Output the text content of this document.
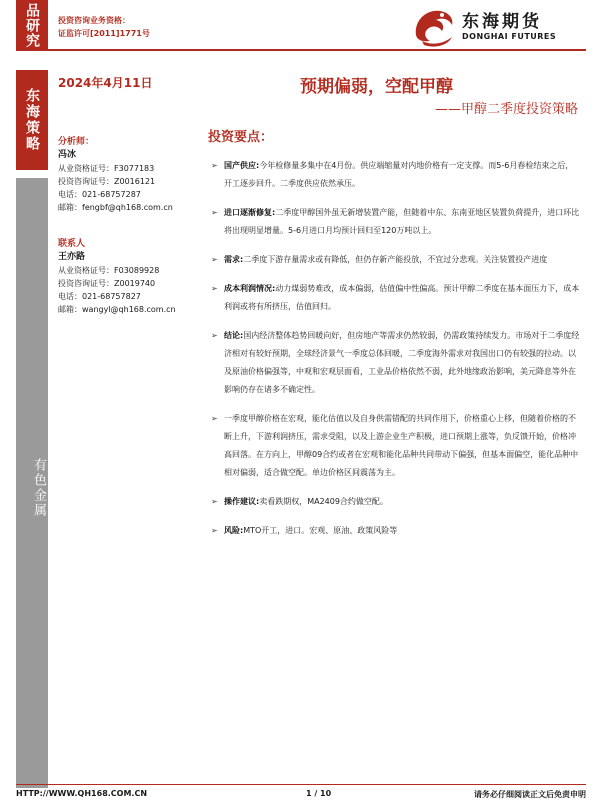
品研究 投资咨询业务资格：
证监许可[2011]1771号
东海期货
DONGHAI FUTURES
东海策略
有色金属
2024年4月11日	预期偏弱，空配甲醇
——甲醇二季度投资策略
分析师：
冯冰
从业资格证号：F3077183
投资咨询证号：Z0016121
电话：021-68757287
邮箱：fengbf@qh168.com.cn
联系人
王亦路
从业资格证号：F03089928
投资咨询证号：Z0019740
电话：021-68757827
邮箱：wangyl@qh168.com.cn
投资要点：
➢ 国产供应:今年检修量多集中在4月份。供应端缩量对内地价格有一定支撑。而5-6月春检结束之后，开工逐步回升。二季度供应依然承压。
➢ 进口逐渐修复:二季度甲醇国外虽无新增装置产能，但随着中东、东南亚地区装置负荷提升，进口环比将出现明显增量。5-6月进口月均预计回归至120万吨以上。
➢ 需求:二季度下游存量需求或有降低，但仍存新产能投放，不宜过分悲观。关注装置投产进度
➢ 成本利润情况:动力煤弱势难改，成本偏弱，估值偏中性偏高。预计甲醇二季度在基本面压力下，成本利润或将有所挤压，估值回归。
➢ 结论:国内经济整体趋势回暖向好，但房地产等需求仍然较弱，仍需政策持续发力。市场对于二季度经济相对有较好预期，全球经济景气一季度总体回暖，二季度海外需求对我国出口仍有较强的拉动。以及原油价格偏强等，中观和宏观层面看，工业品价格依然不弱，此外地缘政治影响，美元降息等外在影响仍存在诸多不确定性。
➢ 一季度甲醇价格在宏观，能化估值以及自身供需错配的共同作用下，价格重心上移，但随着价格的不断上升，下游利润挤压，需求受阻，以及上游企业生产积极，进口预期上涨等，负反馈开始，价格冲高回落。在方向上，甲醇09合约或者在宏观和能化品种共同带动下偏强，但基本面偏空，能化品种中相对偏弱，适合做空配。单边价格区间震荡为主。
➢ 操作建议:卖看跌期权，MA2409合约做空配。
➢ 风险:MTO开工，进口。宏观、原油、政策风险等
HTTP://WWW.QH168.COM.CN	1 / 10	请务必仔细阅读正文后免责申明
